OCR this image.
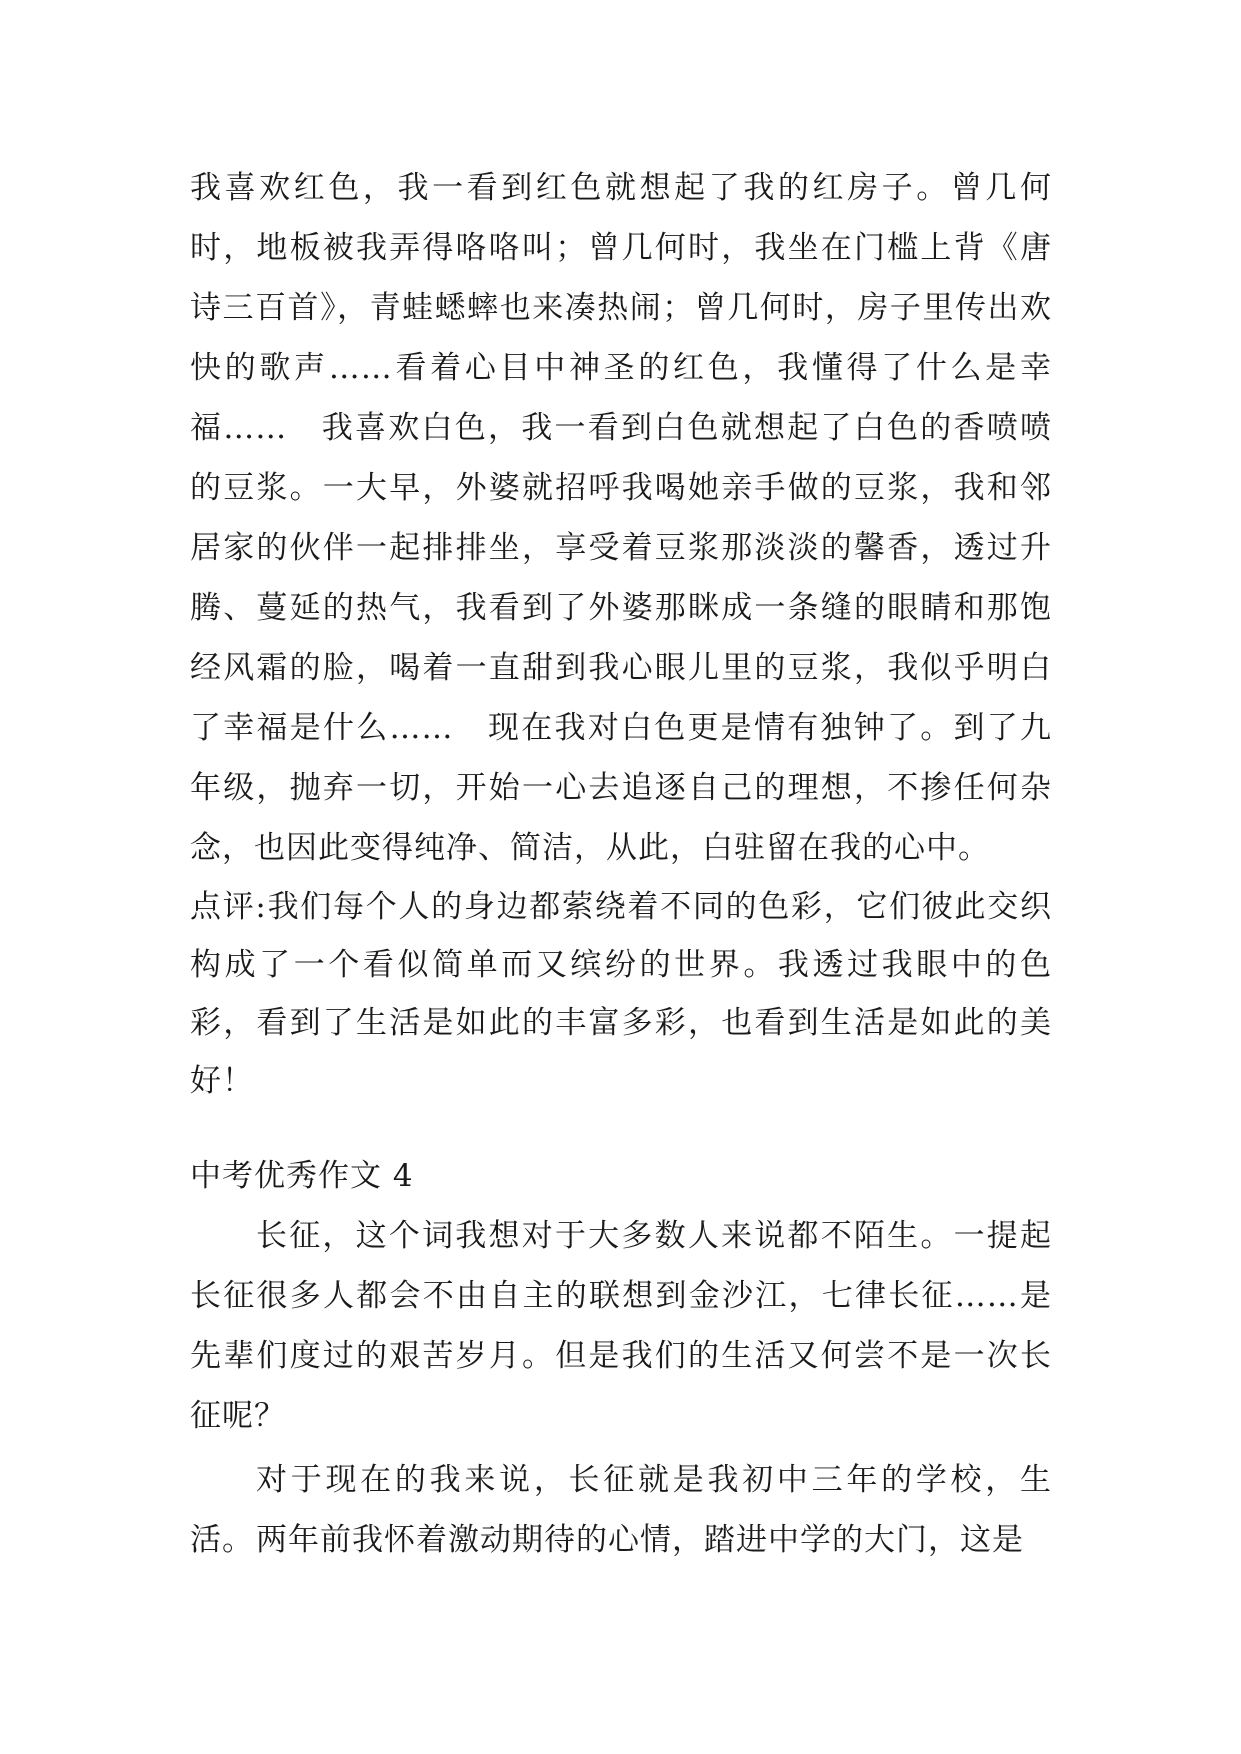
我喜欢红色，我一看到红色就想起了我的红房子。曾几何时，地板被我弄得咯咯叫；曾几何时，我坐在门槛上背《唐诗三百首》，青蛙蟋蟀也来凑热闹；曾几何时，房子里传出欢快的歌声……看着心目中神圣的红色，我懂得了什么是幸福……　我喜欢白色，我一看到白色就想起了白色的香喷喷的豆浆。一大早，外婆就招呼我喝她亲手做的豆浆，我和邻居家的伙伴一起排排坐，享受着豆浆那淡淡的馨香，透过升腾、蔓延的热气，我看到了外婆那眯成一条缝的眼睛和那饱经风霜的脸，喝着一直甜到我心眼儿里的豆浆，我似乎明白了幸福是什么……　现在我对白色更是情有独钟了。到了九年级，抛弃一切，开始一心去追逐自己的理想，不掺任何杂念，也因此变得纯净、简洁，从此，白驻留在我的心中。
点评:我们每个人的身边都萦绕着不同的色彩，它们彼此交织构成了一个看似简单而又缤纷的世界。我透过我眼中的色彩，看到了生活是如此的丰富多彩，也看到生活是如此的美好！
中考优秀作文 4
长征，这个词我想对于大多数人来说都不陌生。一提起长征很多人都会不由自主的联想到金沙江，七律长征……是先辈们度过的艰苦岁月。但是我们的生活又何尝不是一次长征呢？
对于现在的我来说，长征就是我初中三年的学校，生活。 两年前我怀着激动期待的心情，踏进中学的大门，这是
